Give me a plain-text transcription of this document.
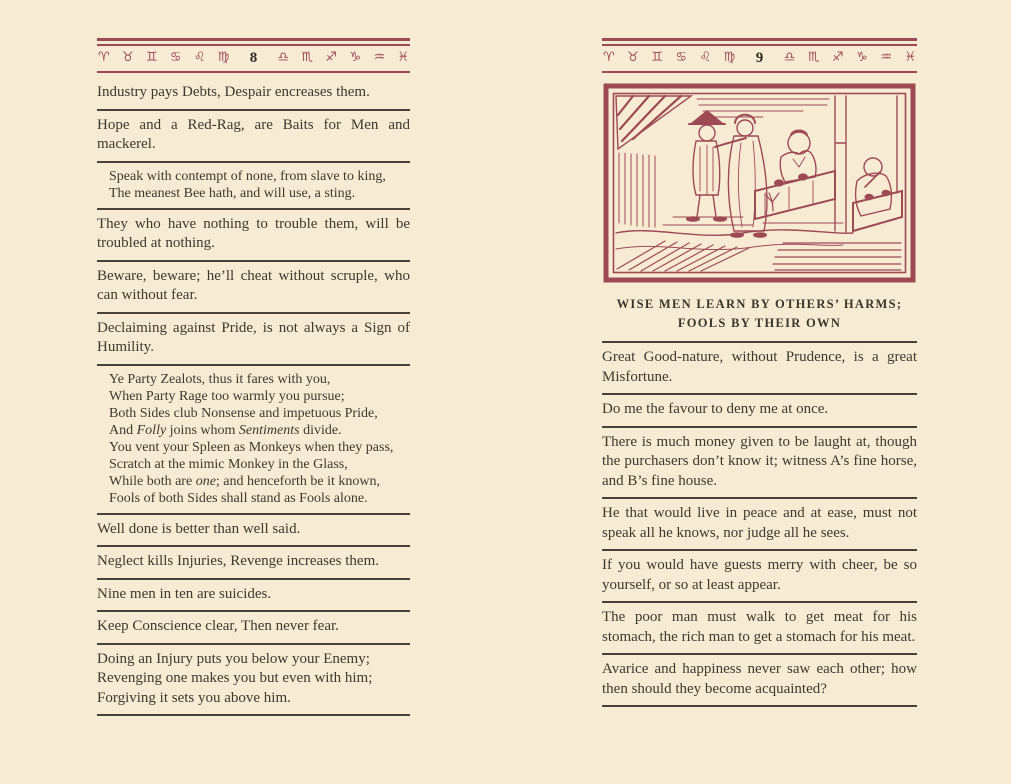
♈ ♉ ♊ ♋ ♌ ♍	8	♎ ♏ ♐ ♑ ♒ ♓

Industry pays Debts, Despair encreases them.

Hope and a Red-Rag, are Baits for Men and mackerel.

Speak with contempt of none, from slave to king,
The meanest Bee hath, and will use, a sting.

They who have nothing to trouble them, will be troubled at nothing.

Beware, beware; he’ll cheat without scruple, who can without fear.

Declaiming against Pride, is not always a Sign of Humility.

Ye Party Zealots, thus it fares with you,
When Party Rage too warmly you pursue;
Both Sides club Nonsense and impetuous Pride,
And Folly joins whom Sentiments divide.
You vent your Spleen as Monkeys when they pass,
Scratch at the mimic Monkey in the Glass,
While both are one; and henceforth be it known,
Fools of both Sides shall stand as Fools alone.

Well done is better than well said.

Neglect kills Injuries, Revenge increases them.

Nine men in ten are suicides.

Keep Conscience clear, Then never fear.

Doing an Injury puts you below your Enemy;
Revenging one makes you but even with him;
Forgiving it sets you above him.
♈ ♉ ♊ ♋ ♌ ♍	9	♎ ♏ ♐ ♑ ♒ ♓
WISE MEN LEARN BY OTHERS’ HARMS;
FOOLS BY THEIR OWN

Great Good-nature, without Prudence, is a great Misfortune.

Do me the favour to deny me at once.

There is much money given to be laught at, though the purchasers don’t know it; witness A’s fine horse, and B’s fine house.

He that would live in peace and at ease, must not speak all he knows, nor judge all he sees.

If you would have guests merry with cheer, be so yourself, or so at least appear.

The poor man must walk to get meat for his stomach, the rich man to get a stomach for his meat.

Avarice and happiness never saw each other; how then should they become acquainted?
